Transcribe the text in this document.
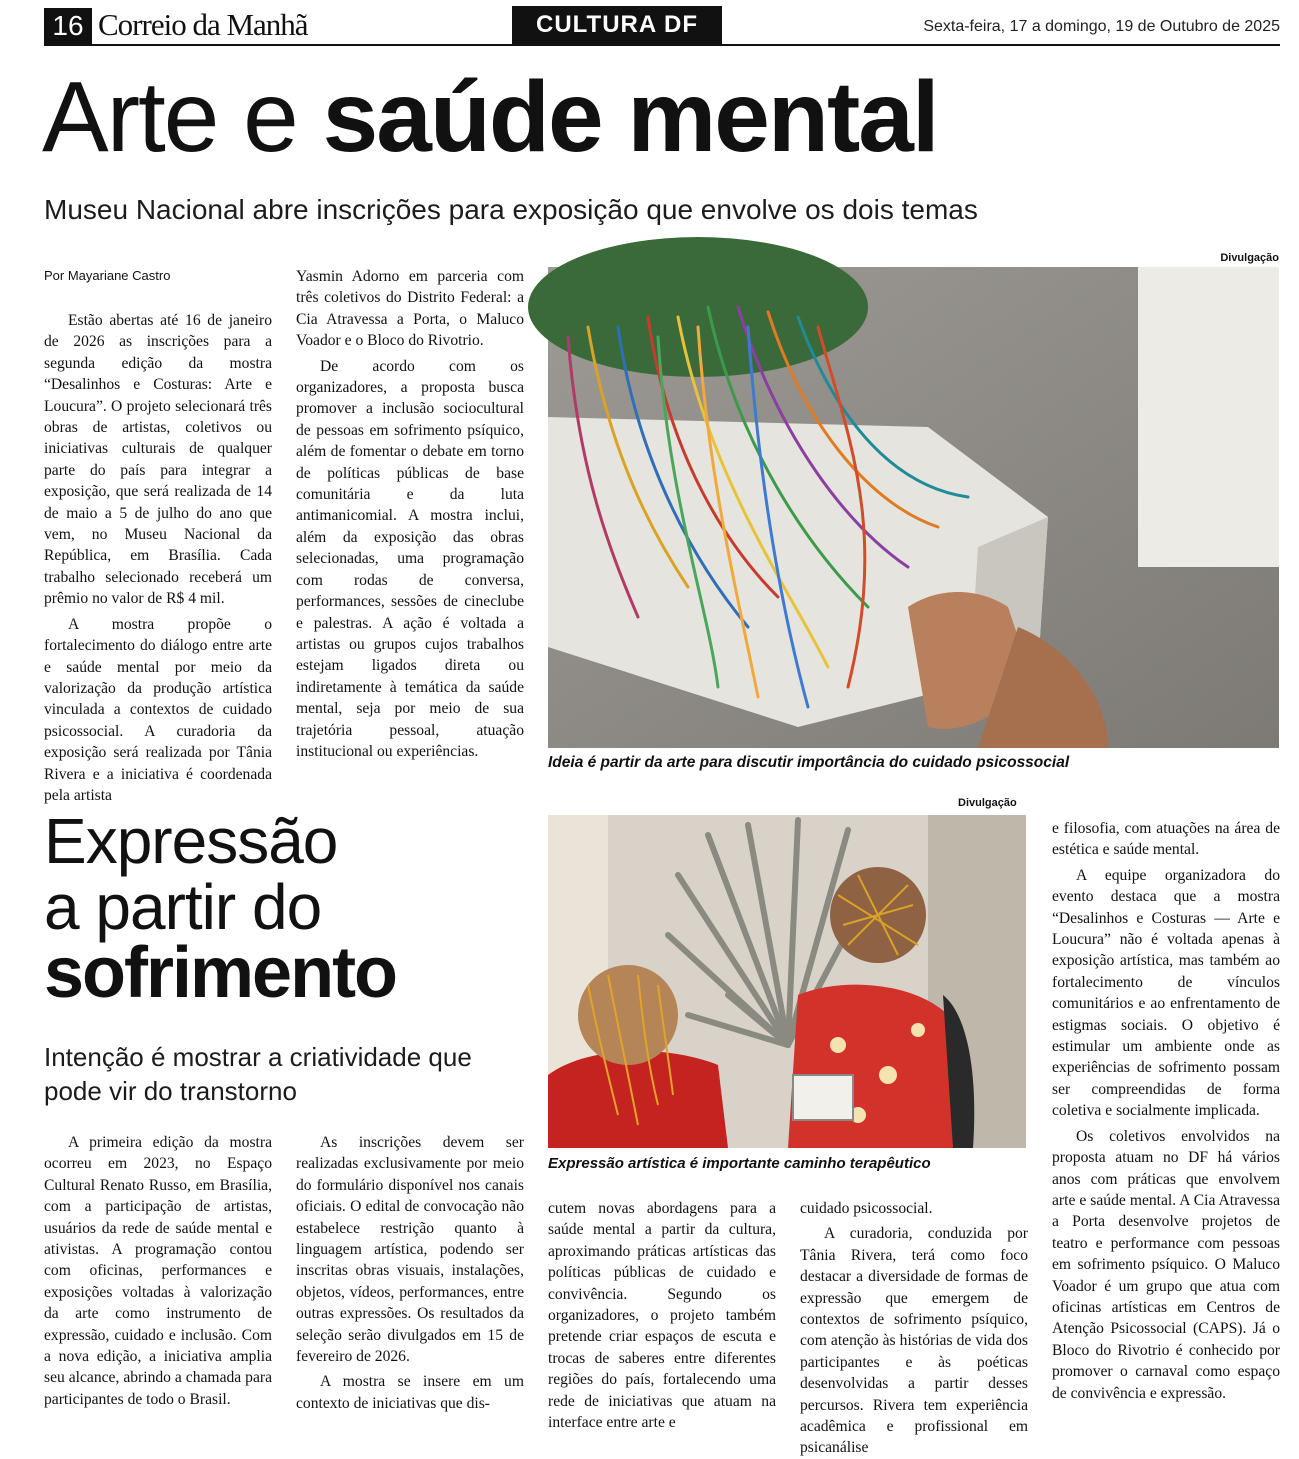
16 Correio da Manhã	CULTURA DF	Sexta-feira, 17 a domingo, 19 de Outubro de 2025
Arte e saúde mental
Museu Nacional abre inscrições para exposição que envolve os dois temas
Por Mayariane Castro

Estão abertas até 16 de janeiro de 2026 as inscrições para a segunda edição da mostra “Desalinhos e Costuras: Arte e Loucura”. O projeto selecionará três obras de artistas, coletivos ou iniciativas culturais de qualquer parte do país para integrar a exposição, que será realizada de 14 de maio a 5 de julho do ano que vem, no Museu Nacional da República, em Brasília. Cada trabalho selecionado receberá um prêmio no valor de R$ 4 mil.

A mostra propõe o fortalecimento do diálogo entre arte e saúde mental por meio da valorização da produção artística vinculada a contextos de cuidado psicossocial. A curadoria da exposição será realizada por Tânia Rivera e a iniciativa é coordenada pela artista

Yasmin Adorno em parceria com três coletivos do Distrito Federal: a Cia Atravessa a Porta, o Maluco Voador e o Bloco do Rivotrio.

De acordo com os organizadores, a proposta busca promover a inclusão sociocultural de pessoas em sofrimento psíquico, além de fomentar o debate em torno de políticas públicas de base comunitária e da luta antimanicomial. A mostra inclui, além da exposição das obras selecionadas, uma programação com rodas de conversa, performances, sessões de cineclube e palestras. A ação é voltada a artistas ou grupos cujos trabalhos estejam ligados direta ou indiretamente à temática da saúde mental, seja por meio de sua trajetória pessoal, atuação institucional ou experiências.

Divulgação
Ideia é partir da arte para discutir importância do cuidado psicossocial
Expressão
a partir do
sofrimento
Intenção é mostrar a criatividade que pode vir do transtorno
Divulgação
Expressão artística é importante caminho terapêutico

A primeira edição da mostra ocorreu em 2023, no Espaço Cultural Renato Russo, em Brasília, com a participação de artistas, usuários da rede de saúde mental e ativistas. A programação contou com oficinas, performances e exposições voltadas à valorização da arte como instrumento de expressão, cuidado e inclusão. Com a nova edição, a iniciativa amplia seu alcance, abrindo a chamada para participantes de todo o Brasil.

As inscrições devem ser realizadas exclusivamente por meio do formulário disponível nos canais oficiais. O edital de convocação não estabelece restrição quanto à linguagem artística, podendo ser inscritas obras visuais, instalações, objetos, vídeos, performances, entre outras expressões. Os resultados da seleção serão divulgados em 15 de fevereiro de 2026.

A mostra se insere em um contexto de iniciativas que dis-

cutem novas abordagens para a saúde mental a partir da cultura, aproximando práticas artísticas das políticas públicas de cuidado e convivência. Segundo os organizadores, o projeto também pretende criar espaços de escuta e trocas de saberes entre diferentes regiões do país, fortalecendo uma rede de iniciativas que atuam na interface entre arte e

cuidado psicossocial.

A curadoria, conduzida por Tânia Rivera, terá como foco destacar a diversidade de formas de expressão que emergem de contextos de sofrimento psíquico, com atenção às histórias de vida dos participantes e às poéticas desenvolvidas a partir desses percursos. Rivera tem experiência acadêmica e profissional em psicanálise

e filosofia, com atuações na área de estética e saúde mental.

A equipe organizadora do evento destaca que a mostra “Desalinhos e Costuras — Arte e Loucura” não é voltada apenas à exposição artística, mas também ao fortalecimento de vínculos comunitários e ao enfrentamento de estigmas sociais. O objetivo é estimular um ambiente onde as experiências de sofrimento possam ser compreendidas de forma coletiva e socialmente implicada.

Os coletivos envolvidos na proposta atuam no DF há vários anos com práticas que envolvem arte e saúde mental. A Cia Atravessa a Porta desenvolve projetos de teatro e performance com pessoas em sofrimento psíquico. O Maluco Voador é um grupo que atua com oficinas artísticas em Centros de Atenção Psicossocial (CAPS). Já o Bloco do Rivotrio é conhecido por promover o carnaval como espaço de convivência e expressão.
